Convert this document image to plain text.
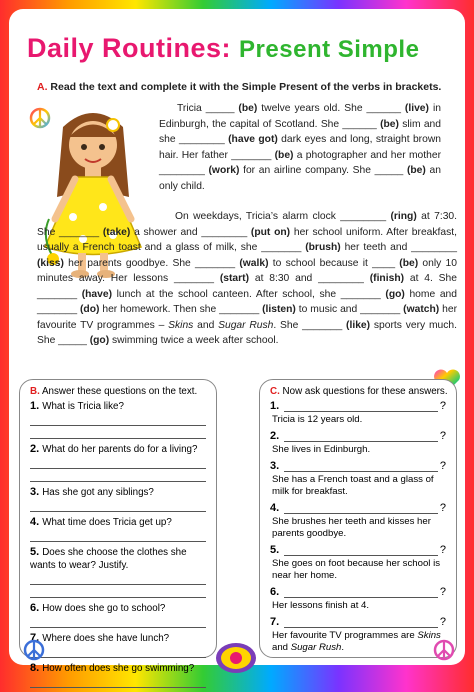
Daily Routines: Present Simple
A. Read the text and complete it with the Simple Present of the verbs in brackets.
Tricia _____ (be) twelve years old. She ______ (live) in Edinburgh, the capital of Scotland. She ______ (be) slim and she ________ (have got) dark eyes and long, straight brown hair. Her father _______ (be) a photographer and her mother ________ (work) for an airline company. She _____ (be) an only child.
On weekdays, Tricia’s alarm clock ________ (ring) at 7:30. She _______ (take) a shower and ________ (put on) her school uniform. After breakfast, usually a French toast and a glass of milk, she _______ (brush) her teeth and ________ (kiss) her parents goodbye. She _______ (walk) to school because it ____ (be) only 10 minutes away. Her lessons _______ (start) at 8:30 and ________ (finish) at 4. She _______ (have) lunch at the school canteen. After school, she _______ (go) home and _______ (do) her homework. Then she _______ (listen) to music and _______ (watch) her favourite TV programmes – Skins and Sugar Rush. She _______ (like) sports very much. She _____ (go) swimming twice a week after school.
B. Answer these questions on the text.
1. What is Tricia like?
2. What do her parents do for a living?
3. Has she got any siblings?
4. What time does Tricia get up?
5. Does she choose the clothes she wants to wear? Justify.
6. How does she go to school?
7. Where does she have lunch?
8. How often does she go swimming?
C. Now ask questions for these answers.
1.	?
Tricia is 12 years old.
2.	?
She lives in Edinburgh.
3.	?
She has a French toast and a glass of milk for breakfast.
4.	?
She brushes her teeth and kisses her parents goodbye.
5.	?
She goes on foot because her school is near her home.
6.	?
Her lessons finish at 4.
7.	?
Her favourite TV programmes are Skins and Sugar Rush.
